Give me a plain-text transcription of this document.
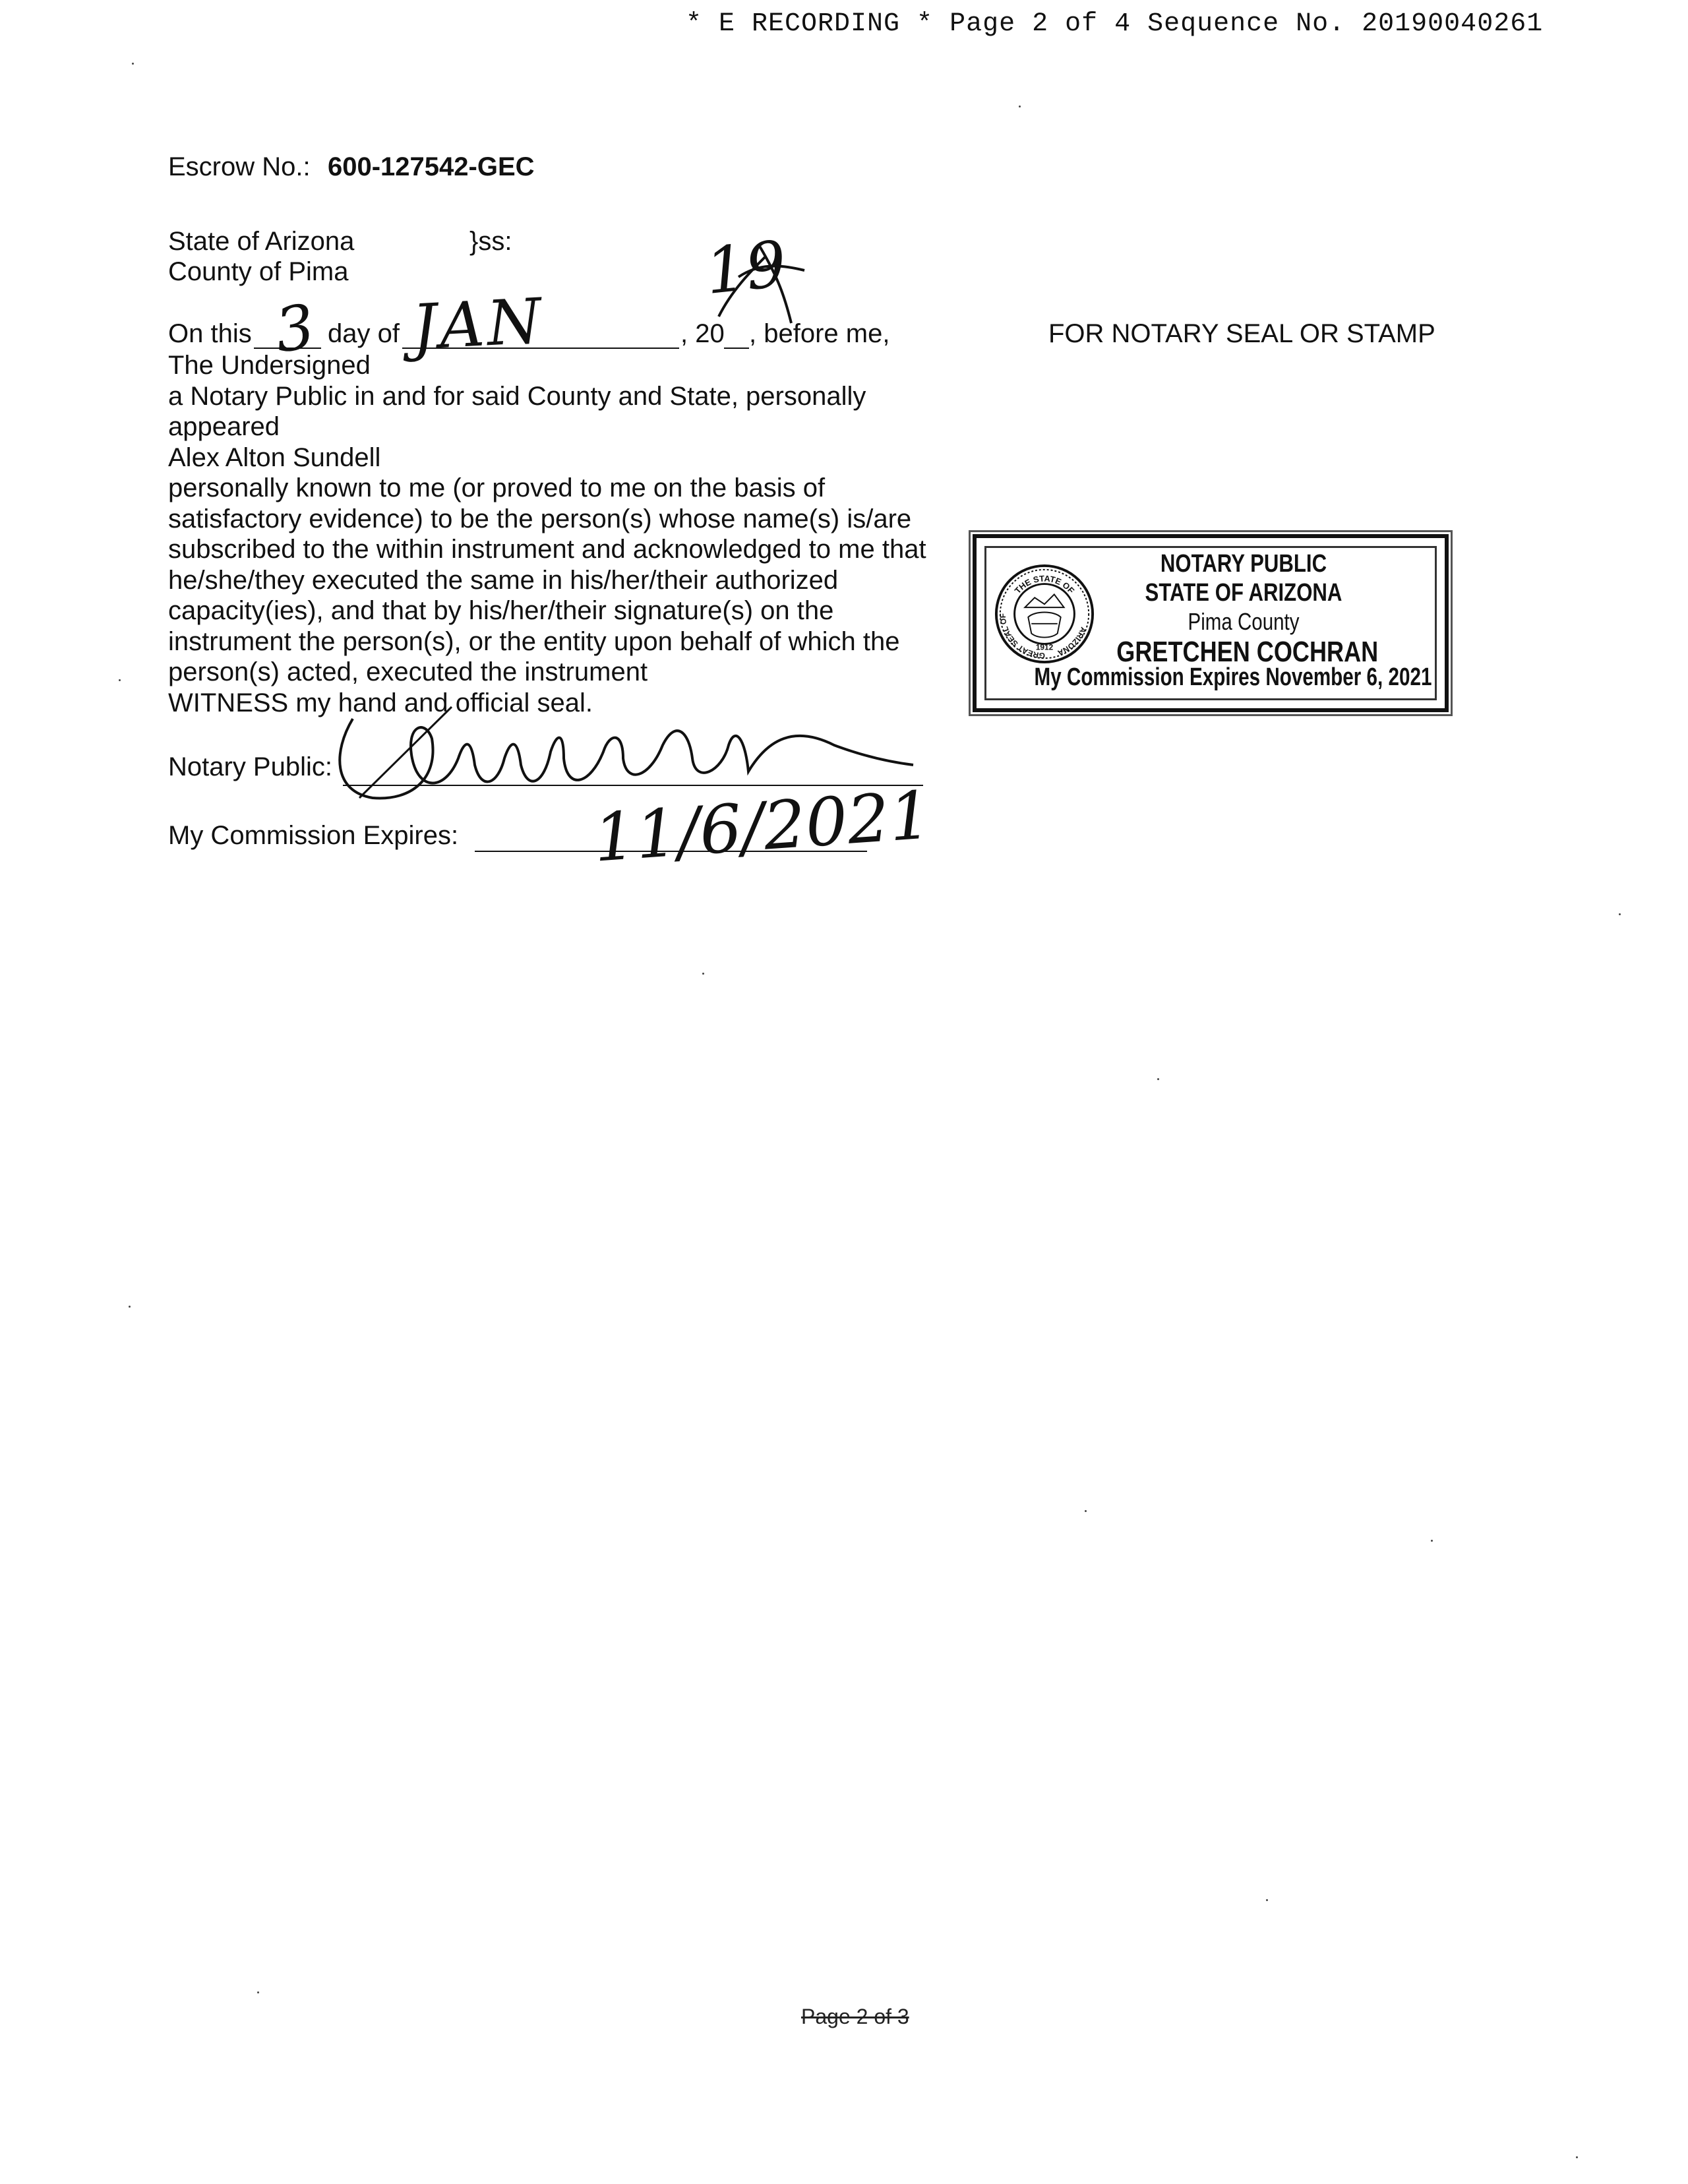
* E RECORDING * Page 2 of 4 Sequence No. 20190040261
Escrow No.: 600-127542-GEC
State of Arizona	}ss:
County of Pima
On this	day of	, 20 , before me,
3 JAN
19
The Undersigned
a Notary Public in and for said County and State, personally
appeared
Alex Alton Sundell
personally known to me (or proved to me on the basis of
satisfactory evidence) to be the person(s) whose name(s) is/are
subscribed to the within instrument and acknowledged to me that
he/she/they executed the same in his/her/their authorized
capacity(ies), and that by his/her/their signature(s) on the
instrument the person(s), or the entity upon behalf of which the
person(s) acted, executed the instrument
WITNESS my hand and official seal.
Notary Public:
My Commission Expires: 11/6/2021
FOR NOTARY SEAL OR STAMP
THE STATE OF
GREAT SEAL OF
ARIZONA
1912
NOTARY PUBLIC
STATE OF ARIZONA
Pima County
GRETCHEN COCHRAN
My Commission Expires November 6, 2021
Page 2 of 3
